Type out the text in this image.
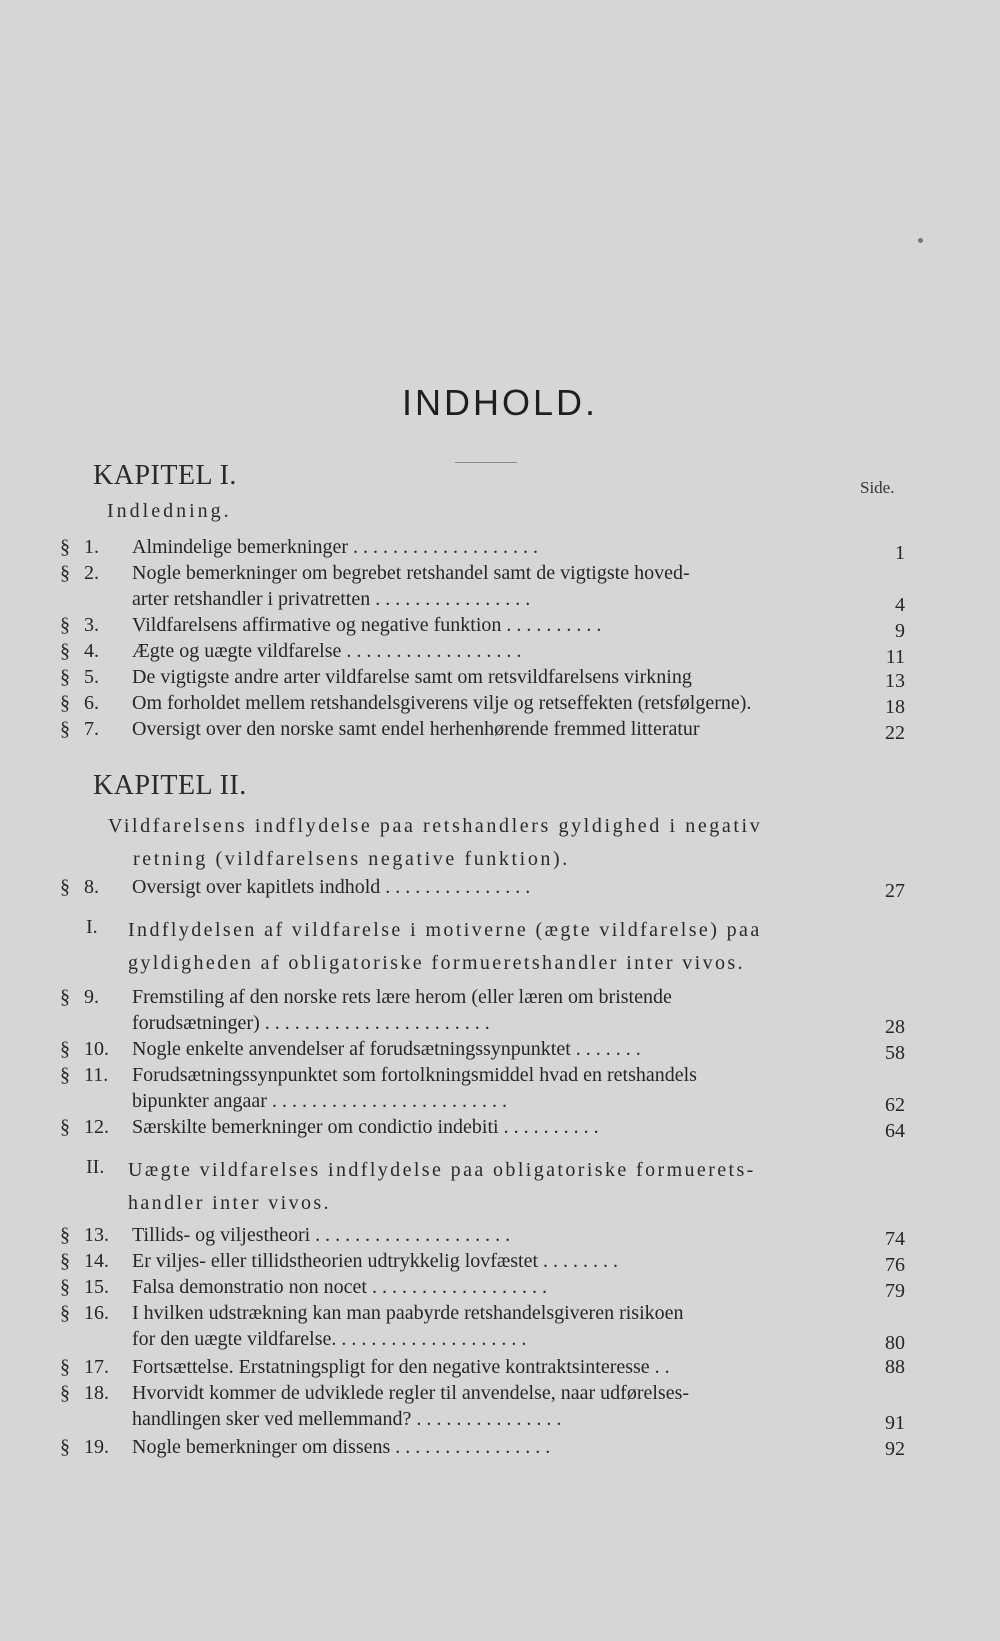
INDHOLD.
Side.
KAPITEL I.
Indledning.
§ 1.	Almindelige bemerkninger . . . . . . . . . . . . . . . . . . .	1
§ 2.	Nogle bemerkninger om begrebet retshandel samt de vigtigste hoved-
arter retshandler i privatretten . . . . . . . . . . . . . . . .	4
§ 3.	Vildfarelsens affirmative og negative funktion . . . . . . . . . .	9
§ 4.	Ægte og uægte vildfarelse . . . . . . . . . . . . . . . . . .	11
§ 5.	De vigtigste andre arter vildfarelse samt om retsvildfarelsens virkning	13
§ 6.	Om forholdet mellem retshandelsgiverens vilje og retseffekten (retsfølgerne).	18
§ 7.	Oversigt over den norske samt endel herhenhørende fremmed litteratur	22
KAPITEL II.
Vildfarelsens indflydelse paa retshandlers gyldighed i negativ
retning (vildfarelsens negative funktion).
§ 8.	Oversigt over kapitlets indhold . . . . . . . . . . . . . . .	27
I. Indflydelsen af vildfarelse i motiverne (ægte vildfarelse) paa
gyldigheden af obligatoriske formueretshandler inter vivos.
§ 9.	Fremstiling af den norske rets lære herom (eller læren om bristende
forudsætninger) . . . . . . . . . . . . . . . . . . . . . . .	28
§ 10.	Nogle enkelte anvendelser af forudsætningssynpunktet . . . . . . .	58
§ 11.	Forudsætningssynpunktet som fortolkningsmiddel hvad en retshandels
bipunkter angaar . . . . . . . . . . . . . . . . . . . . . . . .	62
§ 12.	Særskilte bemerkninger om condictio indebiti . . . . . . . . . .	64
II. Uægte vildfarelses indflydelse paa obligatoriske formuerets-
handler inter vivos.
§ 13.	Tillids- og viljestheori . . . . . . . . . . . . . . . . . . . .	74
§ 14.	Er viljes- eller tillidstheorien udtrykkelig lovfæstet . . . . . . . .	76
§ 15.	Falsa demonstratio non nocet . . . . . . . . . . . . . . . . . .	79
§ 16.	I hvilken udstrækning kan man paabyrde retshandelsgiveren risikoen
for den uægte vildfarelse. . . . . . . . . . . . . . . . . . . .	80
§ 17.	Fortsættelse. Erstatningspligt for den negative kontraktsinteresse . .	88
§ 18.	Hvorvidt kommer de udviklede regler til anvendelse, naar udførelses-
handlingen sker ved mellemmand? . . . . . . . . . . . . . . .	91
§ 19.	Nogle bemerkninger om dissens . . . . . . . . . . . . . . . .	92
